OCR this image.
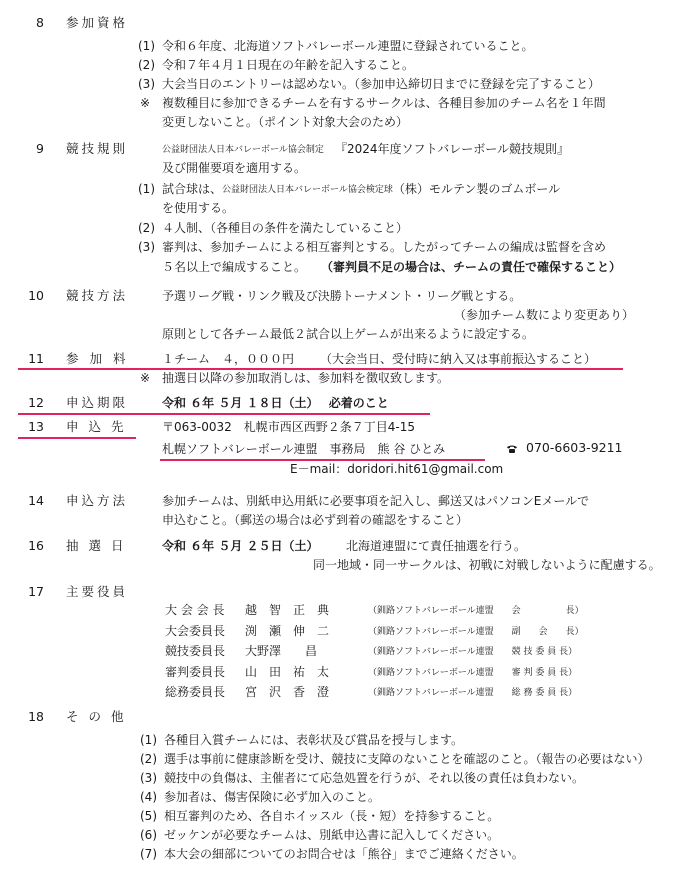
8 参加資格
(1) 令和６年度、北海道ソフトバレーボール連盟に登録されていること。
(2) 令和７年４月１日現在の年齢を記入すること。
(3) 大会当日のエントリーは認めない。（参加申込締切日までに登録を完了すること）
※ 複数種目に参加できるチームを有するサークルは、各種目参加のチーム名を１年間
変更しないこと。（ポイント対象大会のため）
9 競技規則	公益財団法人日本バレーボール協会制定 『2024年度ソフトバレーボール競技規則』
及び開催要項を適用する。
(1) 試合球は、 公益財団法人日本バレーボール協会検定球 （株）モルテン製のゴムボール
を使用する。
(2) ４人制、（各種目の条件を満たしていること）
(3) 審判は、参加チームによる相互審判とする。したがってチームの編成は監督を含め
５名以上で編成すること。 （審判員不足の場合は、チームの責任で確保すること）
10 競技方法	予選リーグ戦・リンク戦及び決勝トーナメント・リーグ戦とする。
（参加チーム数により変更あり）
原則として各チーム最低２試合以上ゲームが出来るように設定する。
11 参加料 １チーム　４，０００円 （大会当日、受付時に納入又は事前振込すること）
※ 抽選日以降の参加取消しは、参加料を徴収致します。
12 申込期限	令和 ６年 ５月 １８日（土）　 必着のこと
13 申込先 〒063-0032　札幌市西区西野２条７丁目4-15
札幌ソフトバレーボール連盟　事務局　熊 谷 ひとみ	070-6603-9211
E－mail：doridori.hit61@gmail.com
14 申込方法	参加チームは、別紙申込用紙に必要事項を記入し、郵送又はパソコンEメールで
申込むこと。（郵送の場合は必ず到着の確認をすること）
16 抽選日 令和 ６年 ５月 ２５日（土） 北海道連盟にて責任抽選を行う。
同一地域・同一サークルは、初戦に対戦しないように配慮する。
17 主要役員
大 会 会 長 越　智　正　典	（釧路ソフトバレーボール連盟　　会　　　　　長）
大会委員長 渕　瀬　伸　二	（釧路ソフトバレーボール連盟　　副　　会　　長）
競技委員長 大野澤　　昌	（釧路ソフトバレーボール連盟　　競 技 委 員 長）
審判委員長 山　田　祐　太	（釧路ソフトバレーボール連盟　　審 判 委 員 長）
総務委員長 宮　沢　香　澄	（釧路ソフトバレーボール連盟　　総 務 委 員 長）
18 その他
(1) 各種目入賞チームには、表彰状及び賞品を授与します。
(2) 選手は事前に健康診断を受け、競技に支障のないことを確認のこと。（報告の必要はない）
(3) 競技中の負傷は、主催者にて応急処置を行うが、それ以後の責任は負わない。
(4) 参加者は、傷害保険に必ず加入のこと。
(5) 相互審判のため、各自ホイッスル（長・短）を持参すること。
(6) ゼッケンが必要なチームは、別紙申込書に記入してください。
(7) 本大会の細部についてのお問合せは「熊谷」までご連絡ください。
